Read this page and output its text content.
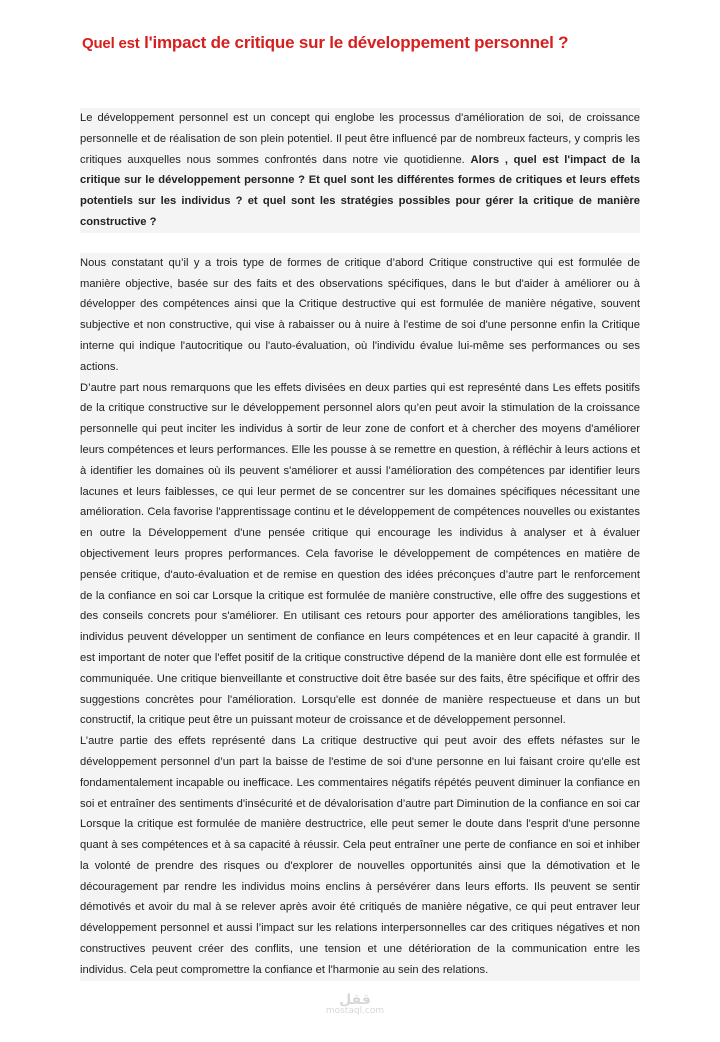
Quel est l'impact de critique sur le développement personnel ?

Le développement personnel est un concept qui englobe les processus d'amélioration de soi, de croissance personnelle et de réalisation de son plein potentiel. Il peut être influencé par de nombreux facteurs, y compris les critiques auxquelles nous sommes confrontés dans notre vie quotidienne. Alors , quel est l'impact de la critique sur le développement personne ? Et quel sont les différentes formes de critiques et leurs effets potentiels sur les individus ? et quel sont les stratégies possibles pour gérer la critique de manière constructive ?

Nous constatant qu’il y a trois type de formes de critique d’abord Critique constructive qui est formulée de manière objective, basée sur des faits et des observations spécifiques, dans le but d'aider à améliorer ou à développer des compétences ainsi que la Critique destructive qui est formulée de manière négative, souvent subjective et non constructive, qui vise à rabaisser ou à nuire à l'estime de soi d'une personne enfin la Critique interne qui indique l'autocritique ou l'auto-évaluation, où l'individu évalue lui-même ses performances ou ses actions.

D’autre part nous remarquons que les effets divisées en deux parties qui est represénté dans Les effets positifs de la critique constructive sur le développement personnel alors qu’en peut avoir la stimulation de la croissance personnelle qui peut inciter les individus à sortir de leur zone de confort et à chercher des moyens d'améliorer leurs compétences et leurs performances. Elle les pousse à se remettre en question, à réfléchir à leurs actions et à identifier les domaines où ils peuvent s'améliorer et aussi l’amélioration des compétences par identifier leurs lacunes et leurs faiblesses, ce qui leur permet de se concentrer sur les domaines spécifiques nécessitant une amélioration. Cela favorise l'apprentissage continu et le développement de compétences nouvelles ou existantes en outre la Développement d'une pensée critique qui encourage les individus à analyser et à évaluer objectivement leurs propres performances. Cela favorise le développement de compétences en matière de pensée critique, d'auto-évaluation et de remise en question des idées préconçues d’autre part le renforcement de la confiance en soi car Lorsque la critique est formulée de manière constructive, elle offre des suggestions et des conseils concrets pour s'améliorer. En utilisant ces retours pour apporter des améliorations tangibles, les individus peuvent développer un sentiment de confiance en leurs compétences et en leur capacité à grandir. Il est important de noter que l'effet positif de la critique constructive dépend de la manière dont elle est formulée et communiquée. Une critique bienveillante et constructive doit être basée sur des faits, être spécifique et offrir des suggestions concrètes pour l'amélioration. Lorsqu'elle est donnée de manière respectueuse et dans un but constructif, la critique peut être un puissant moteur de croissance et de développement personnel.

L’autre partie des effets représenté dans La critique destructive qui peut avoir des effets néfastes sur le développement personnel d’un part la baisse de l'estime de soi d'une personne en lui faisant croire qu'elle est fondamentalement incapable ou inefficace. Les commentaires négatifs répétés peuvent diminuer la confiance en soi et entraîner des sentiments d'insécurité et de dévalorisation d’autre part Diminution de la confiance en soi car Lorsque la critique est formulée de manière destructrice, elle peut semer le doute dans l'esprit d'une personne quant à ses compétences et à sa capacité à réussir. Cela peut entraîner une perte de confiance en soi et inhiber la volonté de prendre des risques ou d'explorer de nouvelles opportunités ainsi que la démotivation et le découragement par rendre les individus moins enclins à persévérer dans leurs efforts. Ils peuvent se sentir démotivés et avoir du mal à se relever après avoir été critiqués de manière négative, ce qui peut entraver leur développement personnel et aussi l’impact sur les relations interpersonnelles car des critiques négatives et non constructives peuvent créer des conflits, une tension et une détérioration de la communication entre les individus. Cela peut compromettre la confiance et l'harmonie au sein des relations.

ققل
mostaql.com
